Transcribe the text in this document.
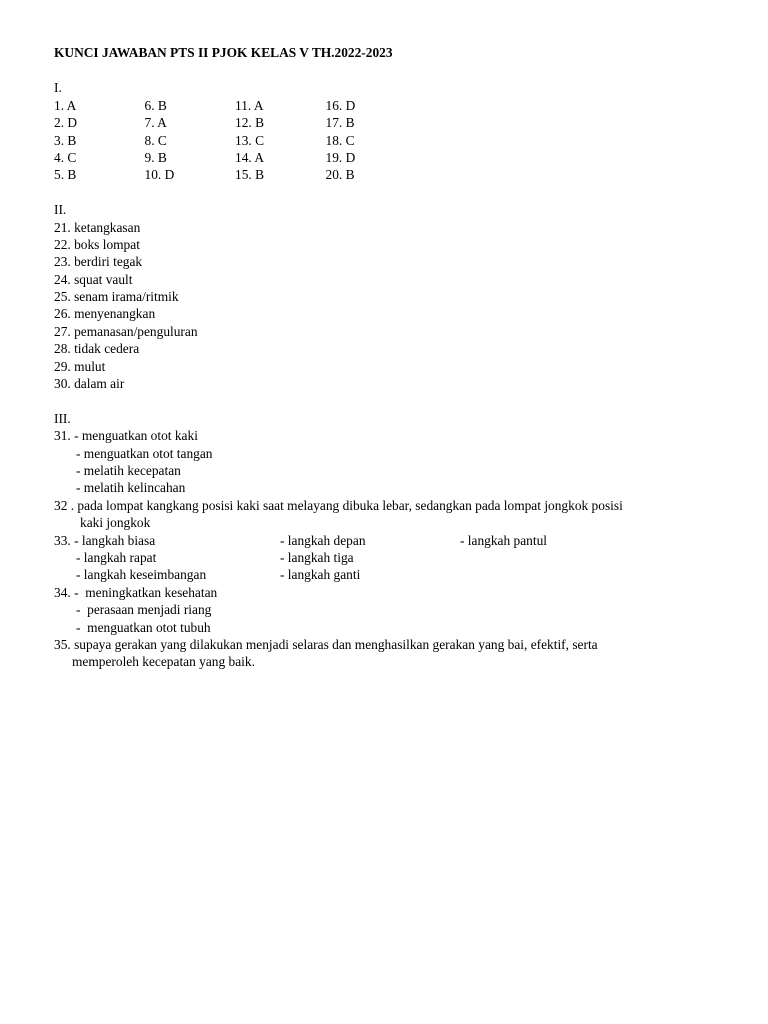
KUNCI JAWABAN PTS II PJOK KELAS V TH.2022-2023
I.
1. A	6. B	11. A	16. D
2. D	7. A	12. B	17. B
3. B	8. C	13. C	18. C
4. C	9. B	14. A	19. D
5. B	10. D	15. B	20. B
II.
21. ketangkasan
22. boks lompat
23. berdiri tegak
24. squat vault
25. senam irama/ritmik
26. menyenangkan
27. pemanasan/penguluran
28. tidak cedera
29. mulut
30. dalam air
III.
31. - menguatkan otot kaki
- menguatkan otot tangan
- melatih kecepatan
- melatih kelincahan
32 . pada lompat kangkang posisi kaki saat melayang dibuka lebar, sedangkan pada lompat jongkok posisi
kaki jongkok
33. - langkah biasa	- langkah depan	- langkah pantul
- langkah rapat	- langkah tiga
- langkah keseimbangan	- langkah ganti
34. -  meningkatkan kesehatan
-  perasaan menjadi riang
-  menguatkan otot tubuh
35. supaya gerakan yang dilakukan menjadi selaras dan menghasilkan gerakan yang bai, efektif, serta
memperoleh kecepatan yang baik.
